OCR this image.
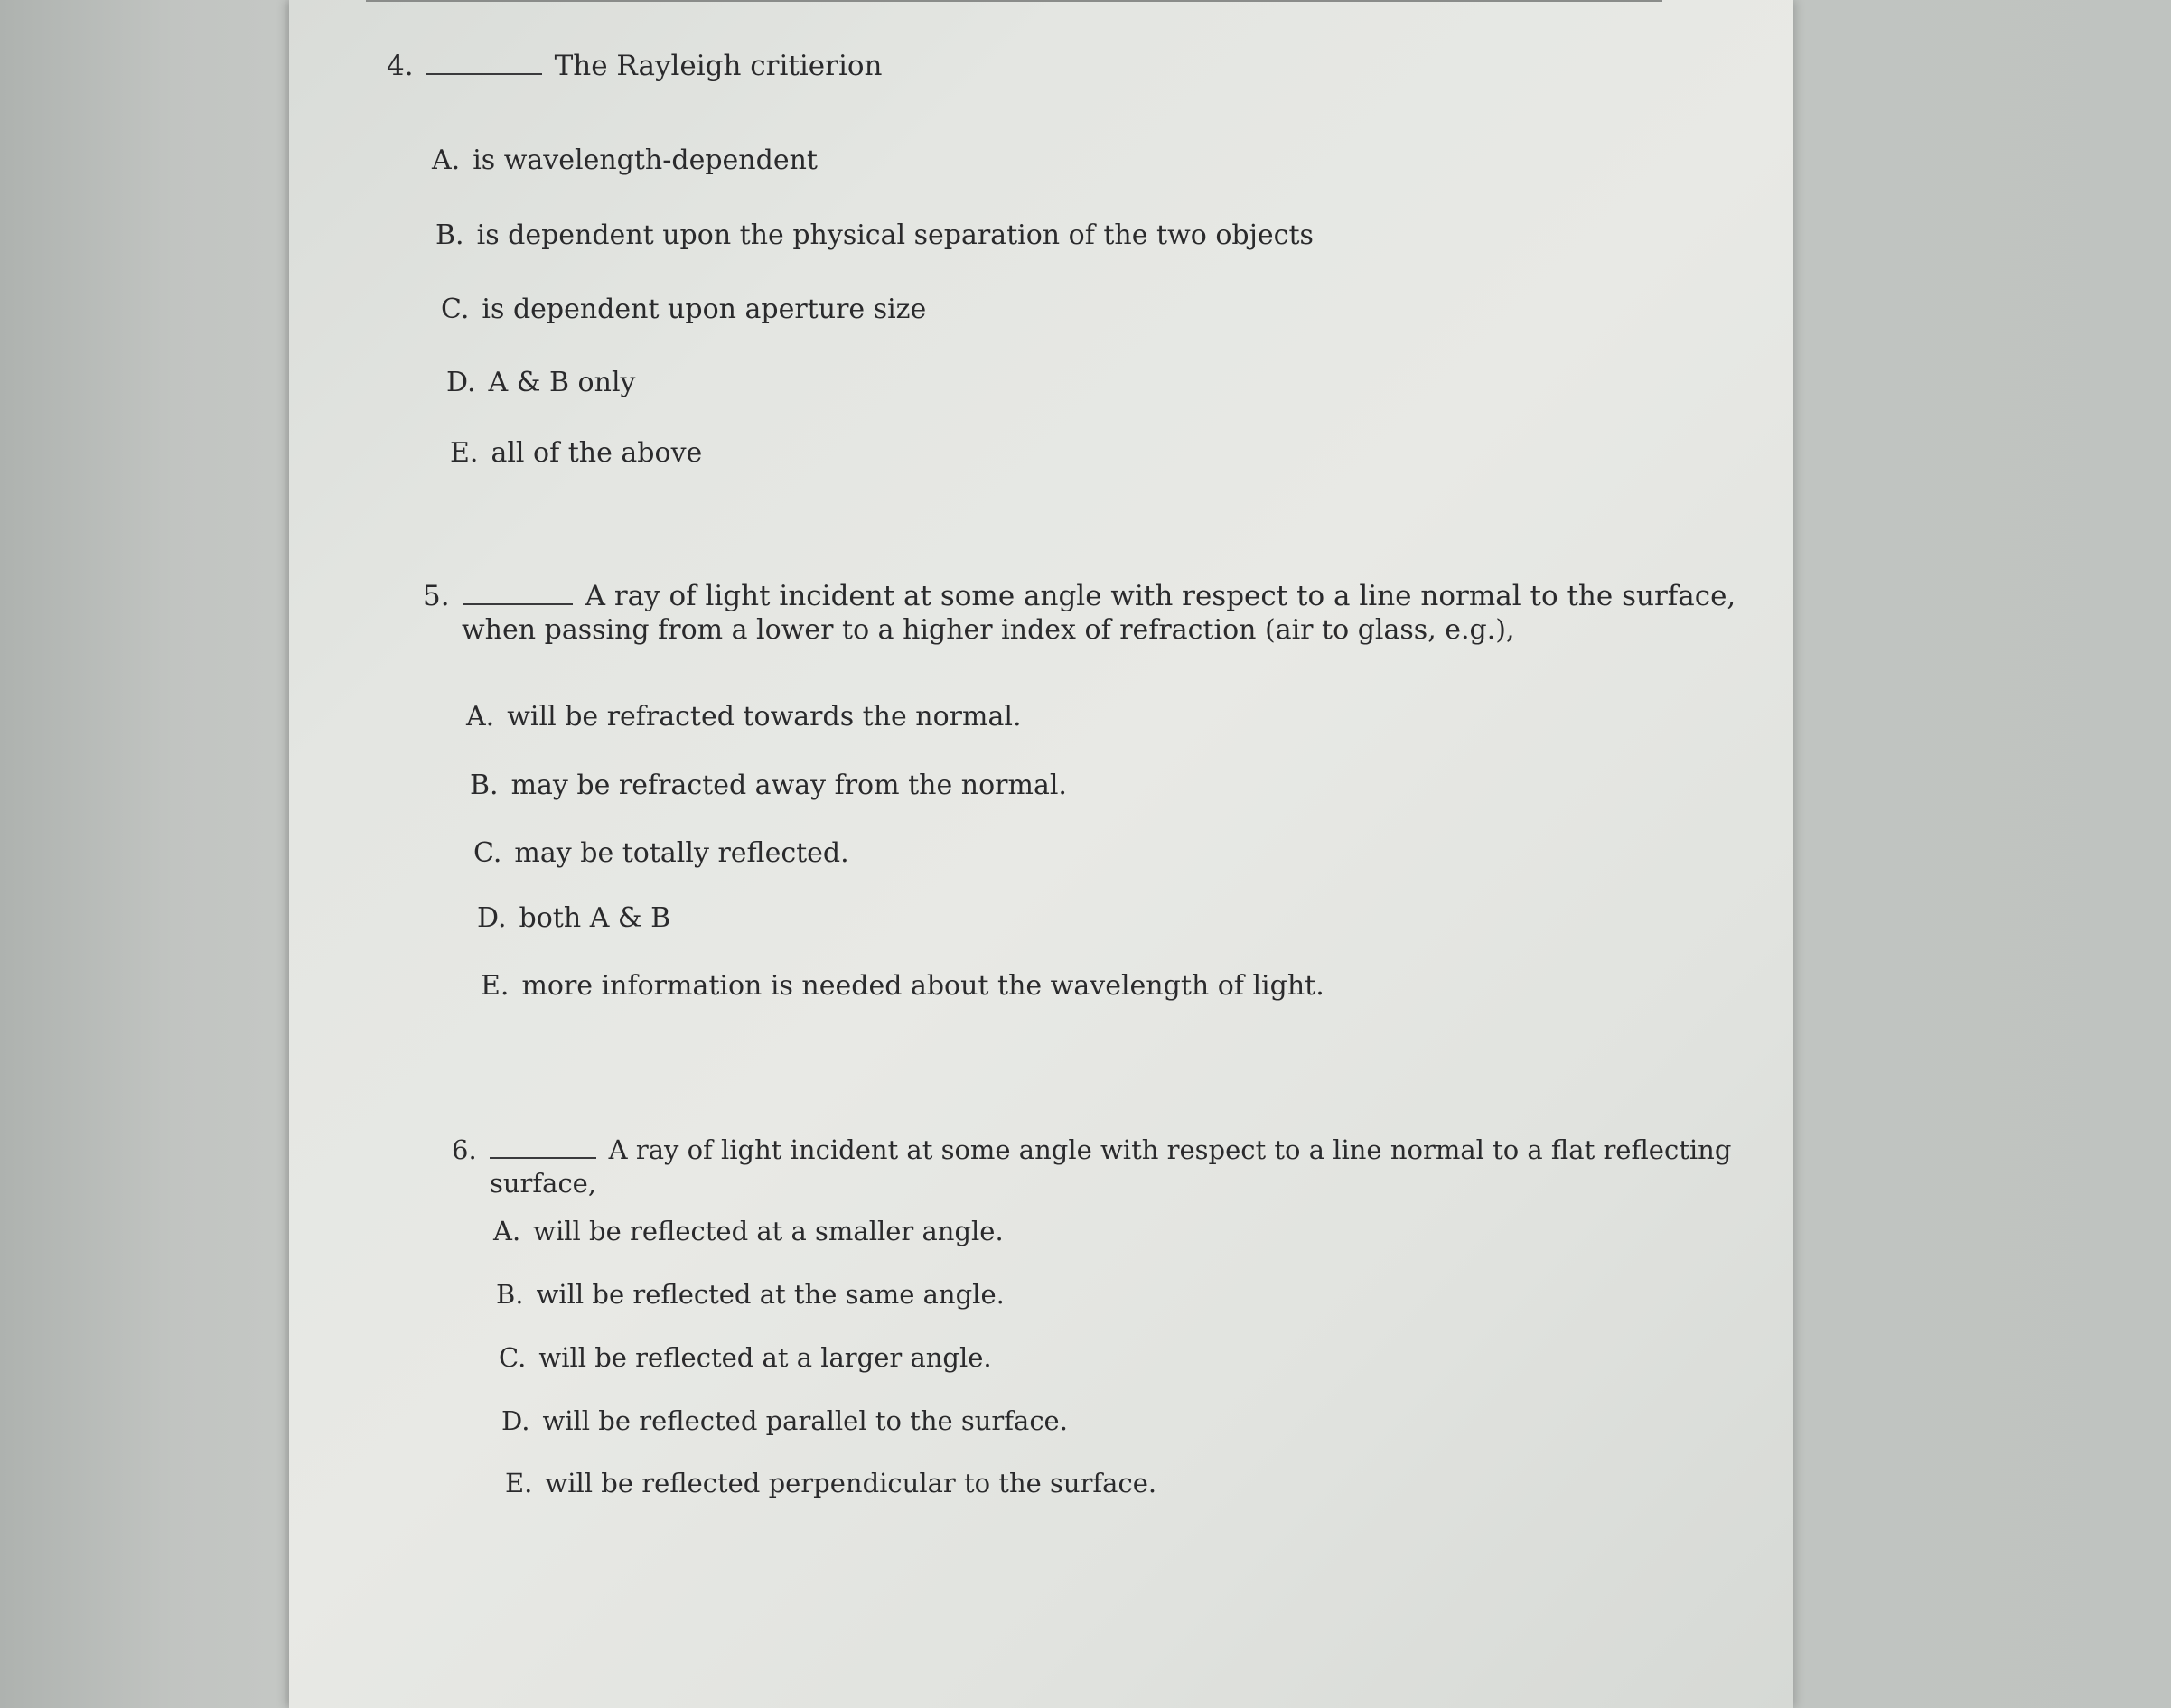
4.	The Rayleigh critierion
A. is wavelength-dependent
B. is dependent upon the physical separation of the two objects
C. is dependent upon aperture size
D. A & B only
E. all of the above
5.	A ray of light incident at some angle with respect to a line normal to the surface,
when passing from a lower to a higher index of refraction (air to glass, e.g.),
A. will be refracted towards the normal.
B. may be refracted away from the normal.
C. may be totally reflected.
D. both A & B
E. more information is needed about the wavelength of light.
6.	A ray of light incident at some angle with respect to a line normal to a flat reflecting
surface,
A. will be reflected at a smaller angle.
B. will be reflected at the same angle.
C. will be reflected at a larger angle.
D. will be reflected parallel to the surface.
E. will be reflected perpendicular to the surface.
